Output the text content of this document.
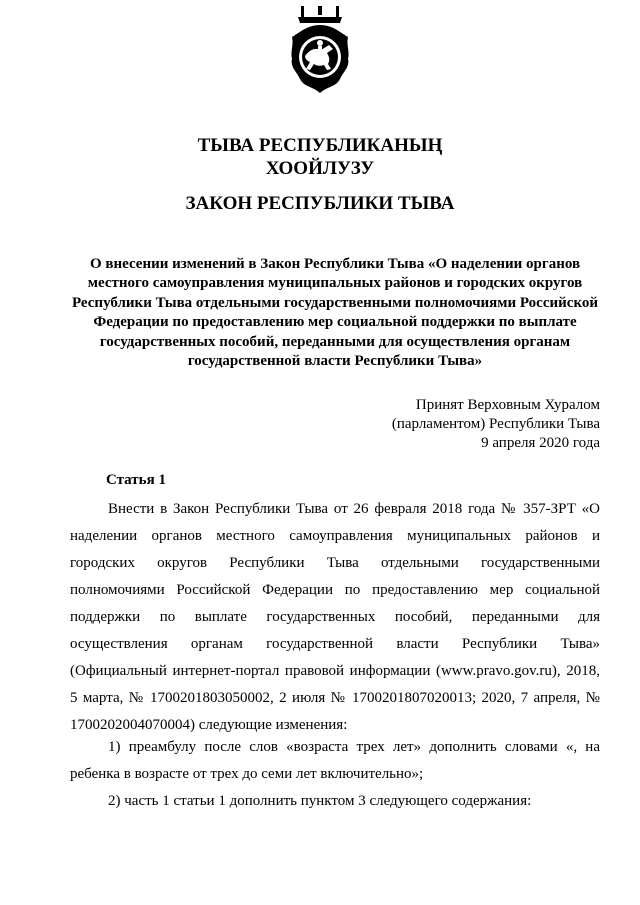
ТЫВА РЕСПУБЛИКАНЫҢ
ХООЙЛУЗУ
ЗАКОН РЕСПУБЛИКИ ТЫВА
О внесении изменений в Закон Республики Тыва «О наделении органов местного самоуправления муниципальных районов и городских округов Республики Тыва отдельными государственными полномочиями Российской Федерации по предоставлению мер социальной поддержки по выплате государственных пособий, переданными для осуществления органам государственной власти Республики Тыва»
Принят Верховным Хуралом
(парламентом) Республики Тыва
9 апреля 2020 года
Статья 1
Внести в Закон Республики Тыва от 26 февраля 2018 года № 357-ЗРТ «О наделении органов местного самоуправления муниципальных районов и городских округов Республики Тыва отдельными государственными полномочиями Российской Федерации по предоставлению мер социальной поддержки по выплате государственных пособий, переданными для осуществления органам государственной власти Республики Тыва» (Официальный интернет-портал правовой информации (www.pravo.gov.ru), 2018, 5 марта, № 1700201803050002, 2 июля № 1700201807020013; 2020, 7 апреля, № 1700202004070004) следующие изменения:
1) преамбулу после слов «возраста трех лет» дополнить словами «, на ребенка в возрасте от трех до семи лет включительно»;
2) часть 1 статьи 1 дополнить пунктом 3 следующего содержания:
